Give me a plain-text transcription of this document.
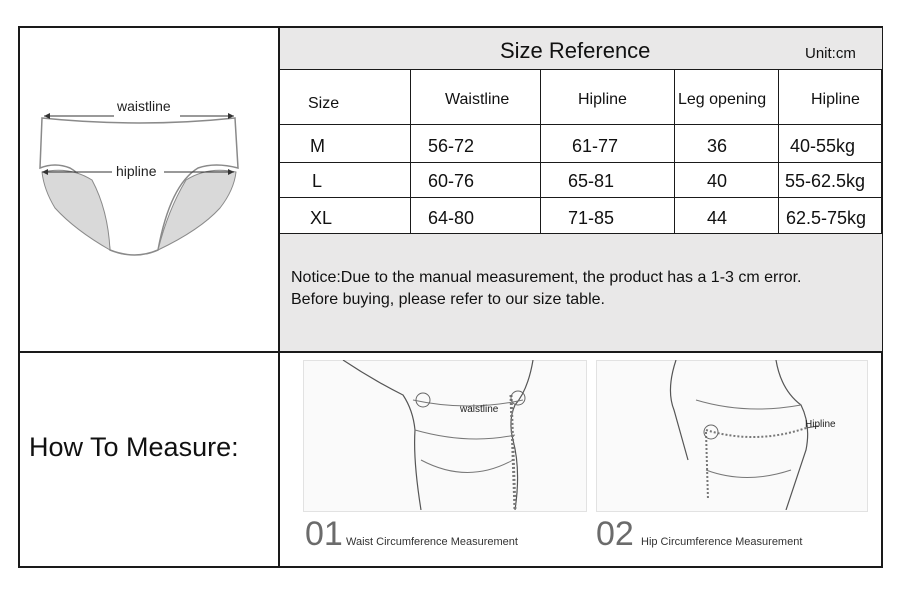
Size Reference	Unit:cm
Size	Waistline	Hipline	Leg opening	Hipline
M	56-72	61-77	36	40-55kg
L	60-76	65-81	40	55-62.5kg
XL	64-80	71-85	44	62.5-75kg
Notice:Due to the manual measurement, the product has a 1-3 cm error.
Before buying, please refer to our size table.
waistline
hipline
How To Measure:
waistline
01 Waist Circumference Measurement
Hipline
02 Hip Circumference Measurement
